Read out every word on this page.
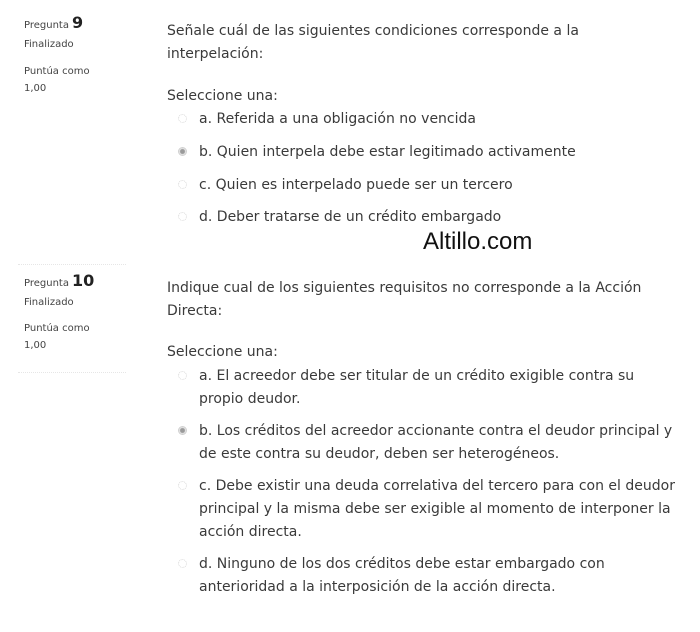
Pregunta 9
Finalizado
Puntúa como
1,00
Señale cuál de las siguientes condiciones corresponde a la interpelación:
Seleccione una:
a. Referida a una obligación no vencida
b. Quien interpela debe estar legitimado activamente
c. Quien es interpelado puede ser un tercero
d. Deber tratarse de un crédito embargado
Altillo.com
Pregunta 10
Finalizado
Puntúa como
1,00
Indique cual de los siguientes requisitos no corresponde a la Acción Directa:
Seleccione una:
a. El acreedor debe ser titular de un crédito exigible contra su propio deudor.
b. Los créditos del acreedor accionante contra el deudor principal y de este contra su deudor, deben ser heterogéneos.
c. Debe existir una deuda correlativa del tercero para con el deudor principal y la misma debe ser exigible al momento de interponer la acción directa.
d. Ninguno de los dos créditos debe estar embargado con anterioridad a la interposición de la acción directa.
